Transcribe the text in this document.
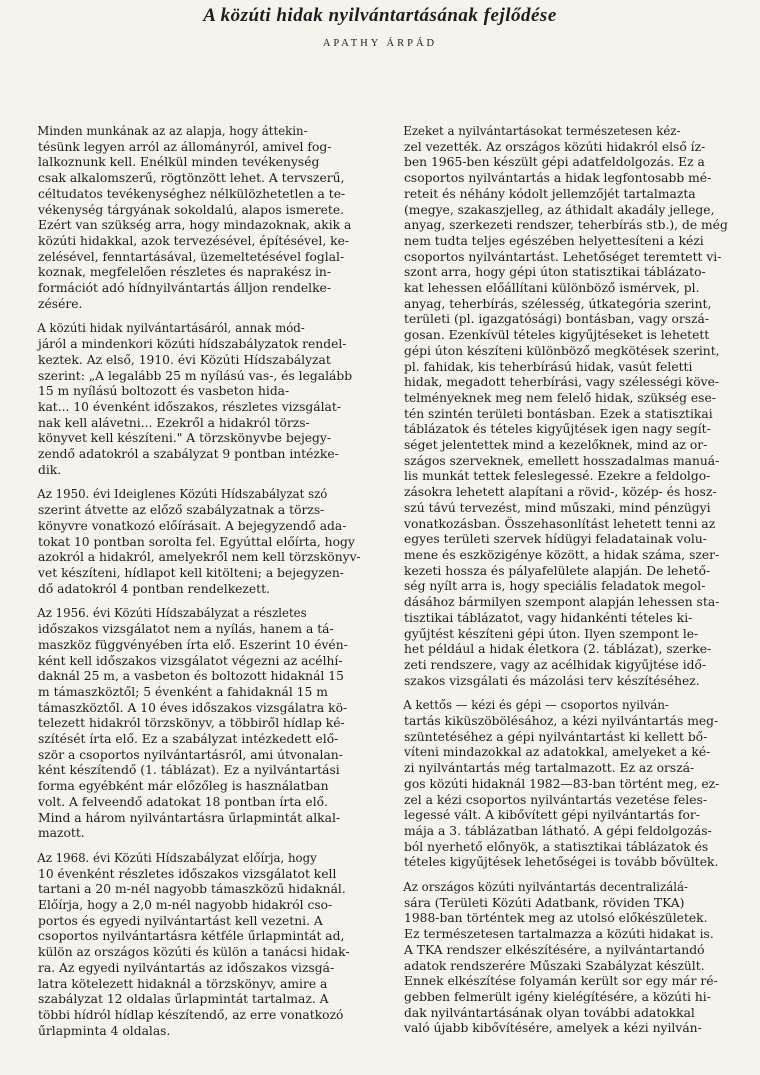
A közúti hidak nyilvántartásának fejlődése
APATHY ÁRPÁD

Minden munkának az az alapja, hogy áttekin-
tésünk legyen arról az állományról, amivel fog-
lalkoznunk kell. Enélkül minden tevékenység
csak alkalomszerű, rögtönzött lehet. A tervszerű,
céltudatos tevékenységhez nélkülözhetetlen a te-
vékenység tárgyának sokoldalú, alapos ismerete.
Ezért van szükség arra, hogy mindazoknak, akik a
közúti hidakkal, azok tervezésével, építésével, ke-
zelésével, fenntartásával, üzemeltetésével foglal-
koznak, megfelelően részletes és naprakész in-
formációt adó hídnyilvántartás álljon rendelke-
zésére.

A közúti hidak nyilvántartásáról, annak mód-
járól a mindenkori közúti hídszabályzatok rendel-
keztek. Az első, 1910. évi Közúti Hídszabályzat
szerint: „A legalább 25 m nyílású vas-, és legalább
15 m nyílású boltozott és vasbeton hida-
kat... 10 évenként időszakos, részletes vizsgálat-
nak kell alávetni... Ezekről a hidakról törzs-
könyvet kell készíteni." A törzskönyvbe bejegy-
zendő adatokról a szabályzat 9 pontban intézke-
dik.

Az 1950. évi Ideiglenes Közúti Hídszabályzat szó
szerint átvette az előző szabályzatnak a törzs-
könyvre vonatkozó előírásait. A bejegyzendő ada-
tokat 10 pontban sorolta fel. Egyúttal előírta, hogy
azokról a hidakról, amelyekről nem kell törzskönyv-
vet készíteni, hídlapot kell kitölteni; a bejegyzen-
dő adatokról 4 pontban rendelkezett.

Az 1956. évi Közúti Hídszabályzat a részletes
időszakos vizsgálatot nem a nyílás, hanem a tá-
maszköz függvényében írta elő. Eszerint 10 évén-
ként kell időszakos vizsgálatot végezni az acélhí-
daknál 25 m, a vasbeton és boltozott hidaknál 15
m támaszköztől; 5 évenként a fahidaknál 15 m
támaszköztől. A 10 éves időszakos vizsgálatra kö-
telezett hidakról törzskönyv, a többiről hídlap ké-
szítését írta elő. Ez a szabályzat intézkedett elő-
ször a csoportos nyilvántartásról, ami útvonalan-
ként készítendő (1. táblázat). Ez a nyilvántartási
forma egyébként már előzőleg is használatban
volt. A felveendő adatokat 18 pontban írta elő.
Mind a három nyilvántartásra űrlapmintát alkal-
mazott.

Az 1968. évi Közúti Hídszabályzat előírja, hogy
10 évenként részletes időszakos vizsgálatot kell
tartani a 20 m-nél nagyobb támaszközű hidaknál.
Előírja, hogy a 2,0 m-nél nagyobb hidakról cso-
portos és egyedi nyilvántartást kell vezetni. A
csoportos nyilvántartásra kétféle űrlapmintát ad,
külön az országos közúti és külön a tanácsi hidak-
ra. Az egyedi nyilvántartás az időszakos vizsgá-
latra kötelezett hidaknál a törzskönyv, amire a
szabályzat 12 oldalas űrlapmintát tartalmaz. A
többi hídról hídlap készítendő, az erre vonatkozó
űrlapminta 4 oldalas.

Ezeket a nyilvántartásokat természetesen kéz-
zel vezették. Az országos közúti hidakról első íz-
ben 1965-ben készült gépi adatfeldolgozás. Ez a
csoportos nyilvántartás a hidak legfontosabb mé-
reteit és néhány kódolt jellemzőjét tartalmazta
(megye, szakaszjelleg, az áthidalt akadály jellege,
anyag, szerkezeti rendszer, teherbírás stb.), de még
nem tudta teljes egészében helyettesíteni a kézi
csoportos nyilvántartást. Lehetőséget teremtett vi-
szont arra, hogy gépi úton statisztikai táblázato-
kat lehessen előállítani különböző ismérvek, pl.
anyag, teherbírás, szélesség, útkategória szerint,
területi (pl. igazgatósági) bontásban, vagy orszá-
gosan. Ezenkívül tételes kigyűjtéseket is lehetett
gépi úton készíteni különböző megkötések szerint,
pl. fahidak, kis teherbírású hidak, vasút feletti
hidak, megadott teherbírási, vagy szélességi köve-
telményeknek meg nem felelő hidak, szükség ese-
tén szintén területi bontásban. Ezek a statisztikai
táblázatok és tételes kigyűjtések igen nagy segít-
séget jelentettek mind a kezelőknek, mind az or-
szágos szerveknek, emellett hosszadalmas manuá-
lis munkát tettek feleslegessé. Ezekre a feldolgo-
zásokra lehetett alapítani a rövid-, közép- és hosz-
szú távú tervezést, mind műszaki, mind pénzügyi
vonatkozásban. Összehasonlítást lehetett tenni az
egyes területi szervek hídügyi feladatainak volu-
mene és eszközigénye között, a hidak száma, szer-
kezeti hossza és pályafelülete alapján. De lehető-
ség nyílt arra is, hogy speciális feladatok megol-
dásához bármilyen szempont alapján lehessen sta-
tisztikai táblázatot, vagy hidankénti tételes ki-
gyűjtést készíteni gépi úton. Ilyen szempont le-
het például a hidak életkora (2. táblázat), szerke-
zeti rendszere, vagy az acélhidak kigyűjtése idő-
szakos vizsgálati és mázolási terv készítéséhez.

A kettős — kézi és gépi — csoportos nyilván-
tartás kiküszöbölésához, a kézi nyilvántartás meg-
szüntetéséhez a gépi nyilvántartást ki kellett bő-
víteni mindazokkal az adatokkal, amelyeket a ké-
zi nyilvántartás még tartalmazott. Ez az orszá-
gos közúti hidaknál 1982—83-ban történt meg, ez-
zel a kézi csoportos nyilvántartás vezetése feles-
legessé vált. A kibővített gépi nyilvántartás for-
mája a 3. táblázatban látható. A gépi feldolgozás-
ból nyerhető előnyök, a statisztikai táblázatok és
tételes kigyűjtések lehetőségei is tovább bővültek.

Az országos közúti nyilvántartás decentralizálá-
sára (Területi Közúti Adatbank, röviden TKA)
1988-ban történtek meg az utolsó előkészületek.
Ez természetesen tartalmazza a közúti hidakat is.
A TKA rendszer elkészítésére, a nyilvántartandó
adatok rendszerére Műszaki Szabályzat készült.
Ennek elkészítése folyamán került sor egy már ré-
gebben felmerült igény kielégítésére, a közúti hi-
dak nyilvántartásának olyan további adatokkal
való újabb kibővítésére, amelyek a kézi nyilván-
